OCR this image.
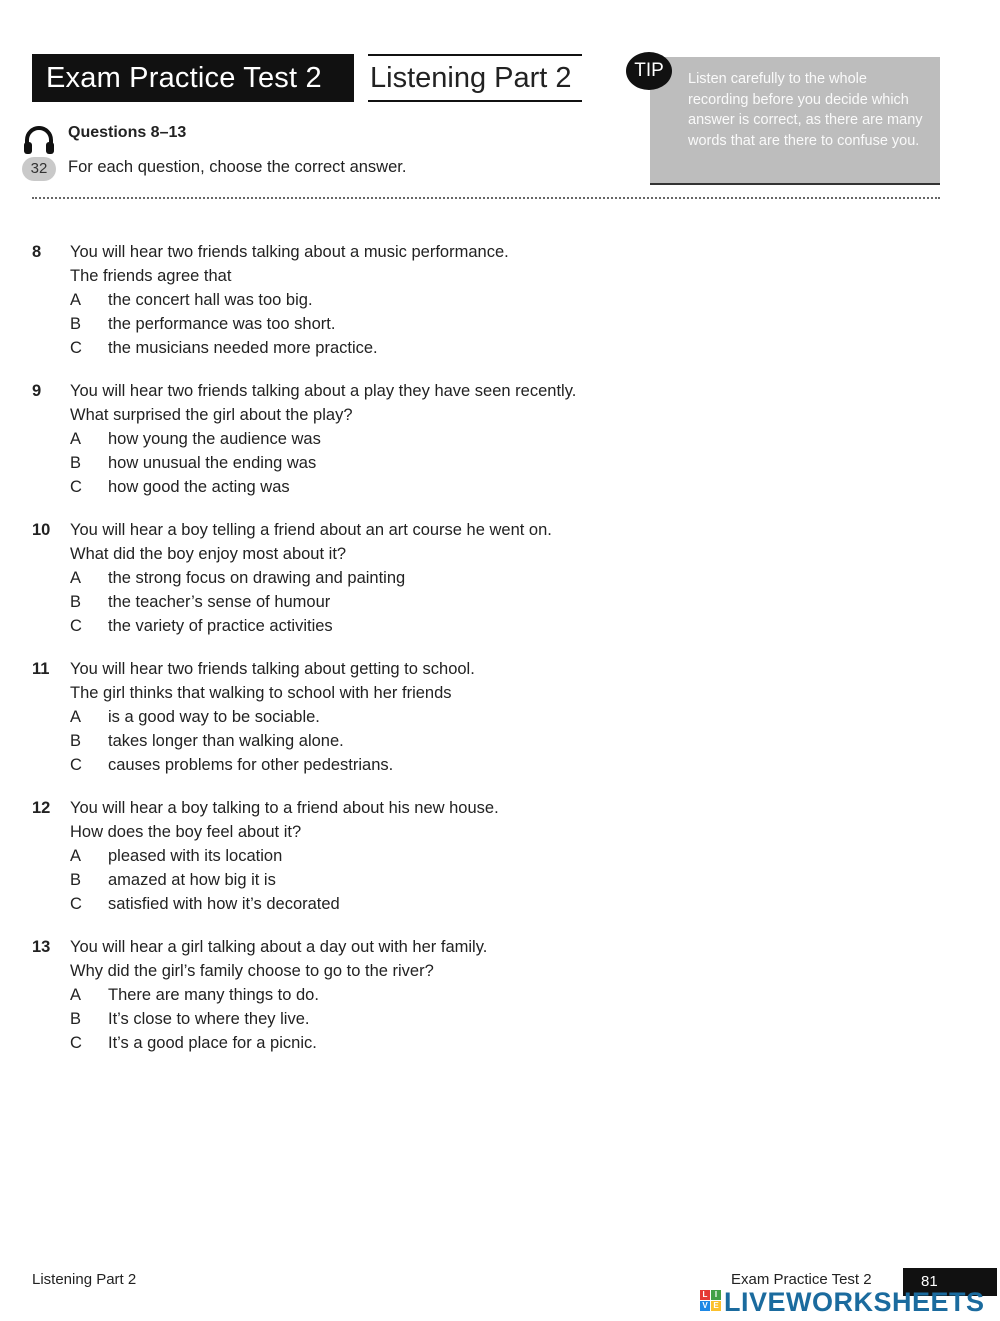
Exam Practice Test 2	Listening Part 2
32
Questions 8–13
For each question, choose the correct answer.
Listen carefully to the whole recording before you decide which answer is correct, as there are many words that are there to confuse you.
TIP
8 You will hear two friends talking about a music performance.
The friends agree that
A the concert hall was too big.
B the performance was too short.
C the musicians needed more practice.
9 You will hear two friends talking about a play they have seen recently.
What surprised the girl about the play?
A how young the audience was
B how unusual the ending was
C how good the acting was
10 You will hear a boy telling a friend about an art course he went on.
What did the boy enjoy most about it?
A the strong focus on drawing and painting
B the teacher’s sense of humour
C the variety of practice activities
11 You will hear two friends talking about getting to school.
The girl thinks that walking to school with her friends
A is a good way to be sociable.
B takes longer than walking alone.
C causes problems for other pedestrians.
12 You will hear a boy talking to a friend about his new house.
How does the boy feel about it?
A pleased with its location
B amazed at how big it is
C satisfied with how it’s decorated
13 You will hear a girl talking about a day out with her family.
Why did the girl’s family choose to go to the river?
A There are many things to do.
B It’s close to where they live.
C It’s a good place for a picnic.
Listening Part 2	Exam Practice Test 2	81
L I
V E LIVEWORKSHEETS
